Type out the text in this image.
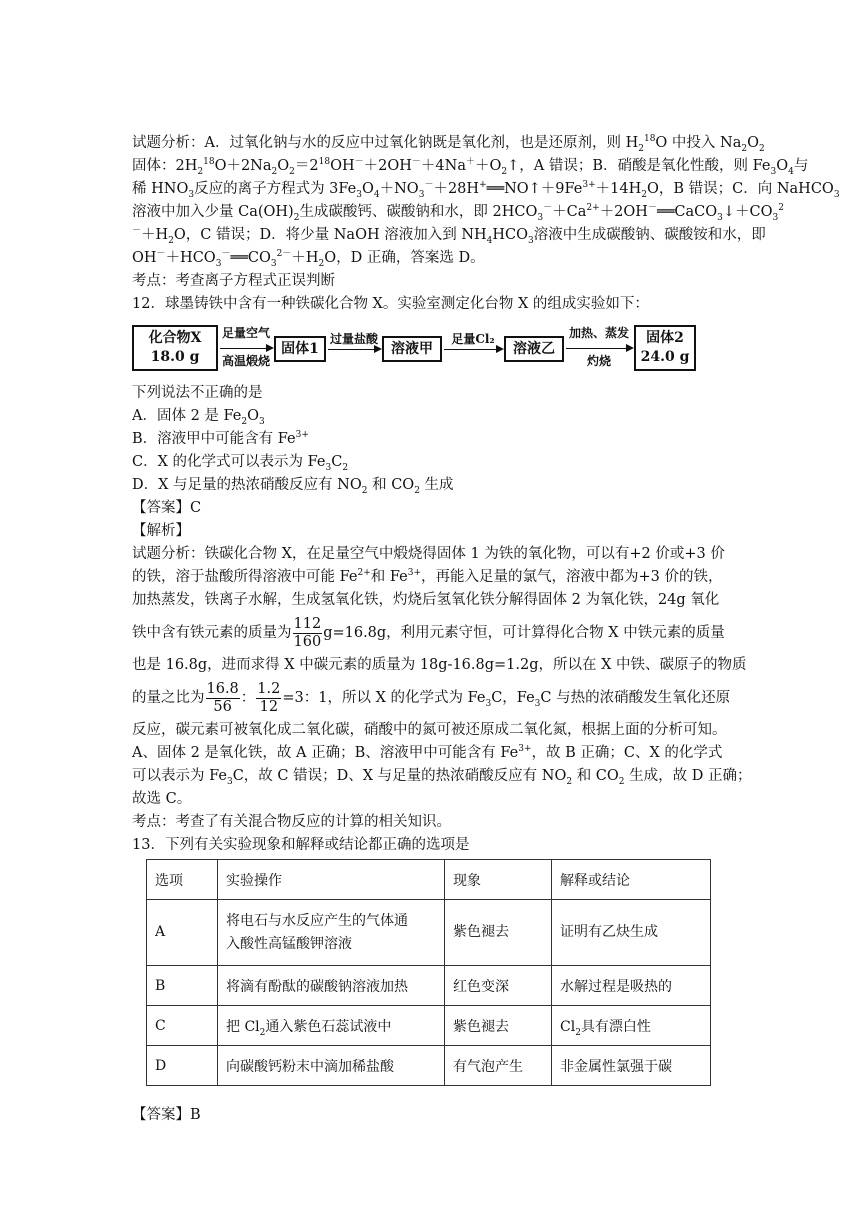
试题分析：A．过氧化钠与水的反应中过氧化钠既是氧化剂，也是还原剂，则 $H_2^{18}O$ 中投入 $Na_2O_2$
固体：$2H_2^{18}O+2Na_2O_2=2^{18}OH^-+2OH^-+4Na^++O_2↑$，A 错误；B．硝酸是氧化性酸，则 $Fe_3O_4$与
稀 $HNO_3$反应的离子方程式为 $3Fe_3O_4+NO_3^-+28H^+══NO↑+9Fe^{3+}+14H_2O$，B 错误；C．向 NaHCO$_3$
溶液中加入少量 $Ca(OH)_2$生成碳酸钙、碳酸钠和水，即 $2HCO_3^-+Ca^{2+}+2OH^-══CaCO_3↓+CO_3^2$
$^-+H_2O$，C 错误；D．将少量 NaOH 溶液加入到 $NH_4HCO_3$溶液中生成碳酸钠、碳酸铵和水，即
$OH^-+HCO_3^-══CO_3^{2-}+H_2O$，D 正确，答案选 D。
考点：考查离子方程式正误判断
12．球墨铸铁中含有一种铁碳化合物 X。实验室测定化台物 X 的组成实验如下：
化合物X
18.0 g
足量空气
高温煅烧
固体1
过量盐酸
溶液甲
足量Cl₂
溶液乙
加热、蒸发
灼烧
固体2
24.0 g
下列说法不正确的是
A．固体 2 是 $Fe_2O_3$
B．溶液甲中可能含有 $Fe^{3+}$
C．X 的化学式可以表示为 $Fe_3C_2$
D．X 与足量的热浓硝酸反应有 $NO_2$ 和 $CO_2$ 生成
【答案】C
【解析】
试题分析：铁碳化合物 X，在足量空气中煅烧得固体 1 为铁的氧化物，可以有+2 价或+3 价
的铁，溶于盐酸所得溶液中可能 $Fe^{2+}$和 $Fe^{3+}$，再能入足量的氯气，溶液中都为+3 价的铁，
加热蒸发，铁离子水解，生成氢氧化铁，灼烧后氢氧化铁分解得固体 2 为氧化铁，24g 氧化
铁中含有铁元素的质量为 $\frac{112}{160} g=16.8g$，利用元素守恒，可计算得化合物 X 中铁元素的质量
也是 16.8g，进而求得 X 中碳元素的质量为 18g-16.8g=1.2g，所以在 X 中铁、碳原子的物质
的量之比为 $\frac{16.8}{56}$ ： $\frac{1.2}{12} =3$：1，所以 X 的化学式为 $Fe_3C$，$Fe_3C$ 与热的浓硝酸发生氧化还原
反应，碳元素可被氧化成二氧化碳，硝酸中的氮可被还原成二氧化氮，根据上面的分析可知。
A、固体 2 是氧化铁，故 A 正确；B、溶液甲中可能含有 $Fe^{3+}$，故 B 正确；C、X 的化学式
可以表示为 $Fe_3C$，故 C 错误；D、X 与足量的热浓硝酸反应有 $NO_2$ 和 $CO_2$ 生成，故 D 正确；
故选 C。
考点：考查了有关混合物反应的计算的相关知识。
13．下列有关实验现象和解释或结论都正确的选项是
选项	实验操作	现象	解释或结论
A	将电石与水反应产生的气体通
入酸性高锰酸钾溶液	紫色褪去	证明有乙炔生成
B	将滴有酚酞的碳酸钠溶液加热	红色变深	水解过程是吸热的
C	把 $Cl_2$通入紫色石蕊试液中	紫色褪去	$Cl_2$具有漂白性
D	向碳酸钙粉末中滴加稀盐酸	有气泡产生	非金属性氯强于碳
【答案】B
